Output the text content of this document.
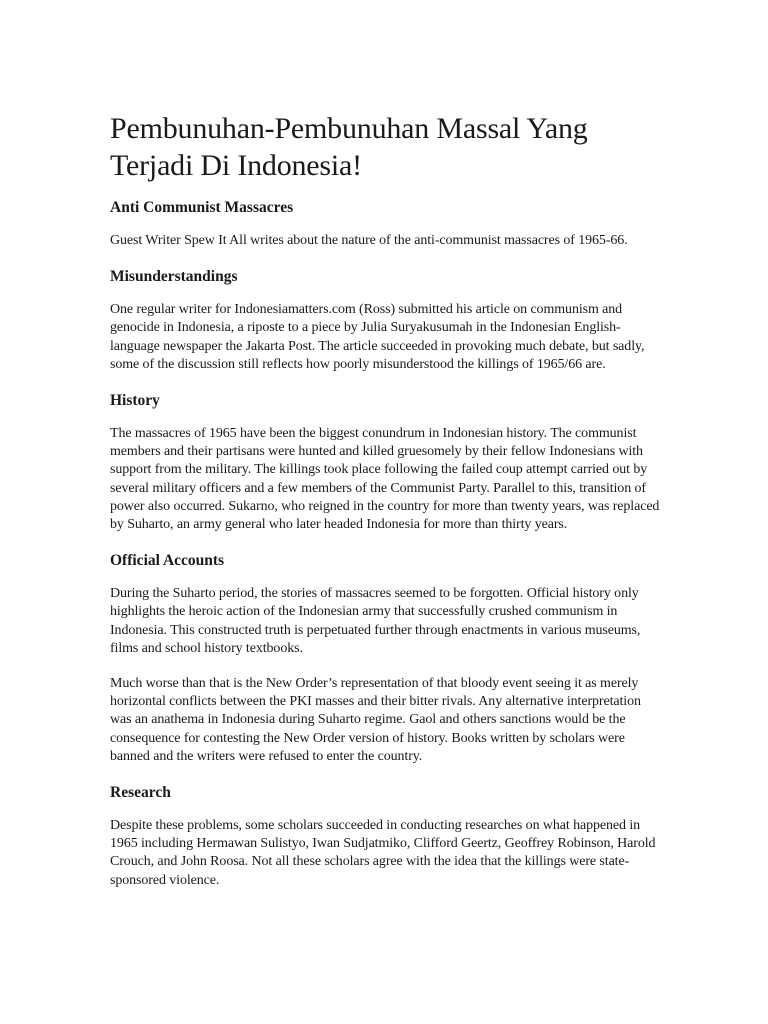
Pembunuhan-Pembunuhan Massal Yang Terjadi Di Indonesia!
Anti Communist Massacres

Guest Writer Spew It All writes about the nature of the anti-communist massacres of 1965-66.

Misunderstandings

One regular writer for Indonesiamatters.com (Ross) submitted his article on communism and genocide in Indonesia, a riposte to a piece by Julia Suryakusumah in the Indonesian English-language newspaper the Jakarta Post. The article succeeded in provoking much debate, but sadly, some of the discussion still reflects how poorly misunderstood the killings of 1965/66 are.

History

The massacres of 1965 have been the biggest conundrum in Indonesian history. The communist members and their partisans were hunted and killed gruesomely by their fellow Indonesians with support from the military. The killings took place following the failed coup attempt carried out by several military officers and a few members of the Communist Party. Parallel to this, transition of power also occurred. Sukarno, who reigned in the country for more than twenty years, was replaced by Suharto, an army general who later headed Indonesia for more than thirty years.

Official Accounts

During the Suharto period, the stories of massacres seemed to be forgotten. Official history only highlights the heroic action of the Indonesian army that successfully crushed communism in Indonesia. This constructed truth is perpetuated further through enactments in various museums, films and school history textbooks.

Much worse than that is the New Order’s representation of that bloody event seeing it as merely horizontal conflicts between the PKI masses and their bitter rivals. Any alternative interpretation was an anathema in Indonesia during Suharto regime. Gaol and others sanctions would be the consequence for contesting the New Order version of history. Books written by scholars were banned and the writers were refused to enter the country.

Research

Despite these problems, some scholars succeeded in conducting researches on what happened in 1965 including Hermawan Sulistyo, Iwan Sudjatmiko, Clifford Geertz, Geoffrey Robinson, Harold Crouch, and John Roosa. Not all these scholars agree with the idea that the killings were state-sponsored violence.
